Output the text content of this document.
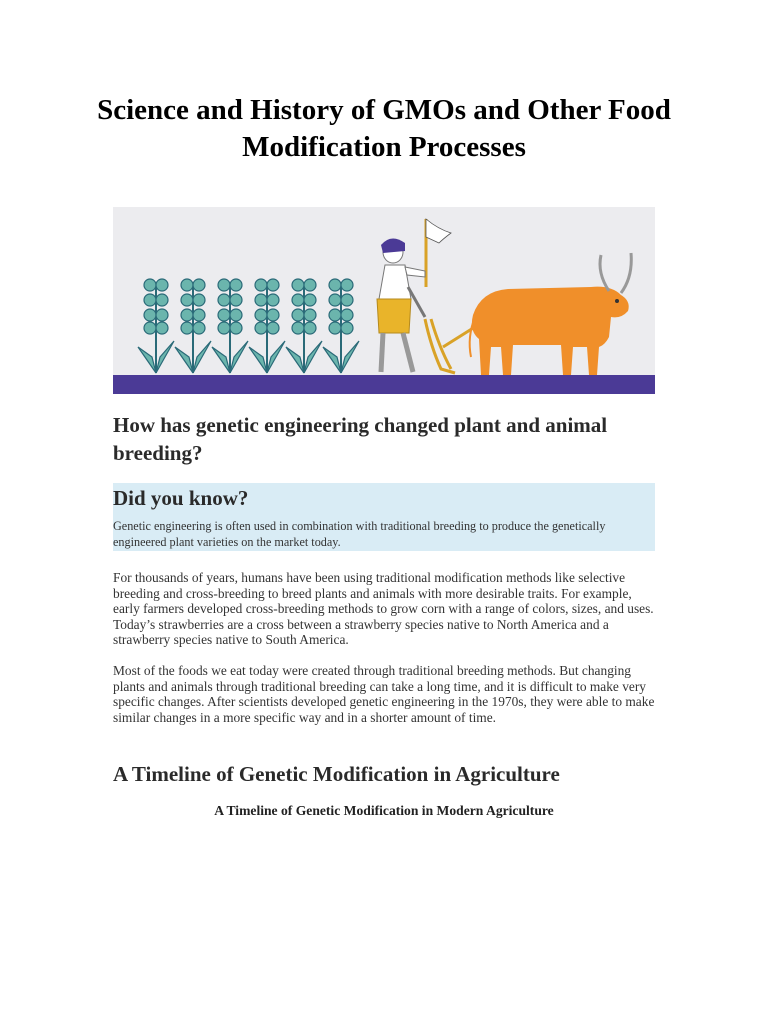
Science and History of GMOs and Other Food Modification Processes
How has genetic engineering changed plant and animal breeding?
Did you know?

Genetic engineering is often used in combination with traditional breeding to produce the genetically engineered plant varieties on the market today.

For thousands of years, humans have been using traditional modification methods like selective breeding and cross-breeding to breed plants and animals with more desirable traits. For example, early farmers developed cross-breeding methods to grow corn with a range of colors, sizes, and uses. Today’s strawberries are a cross between a strawberry species native to North America and a strawberry species native to South America.

Most of the foods we eat today were created through traditional breeding methods. But changing plants and animals through traditional breeding can take a long time, and it is difficult to make very specific changes. After scientists developed genetic engineering in the 1970s, they were able to make similar changes in a more specific way and in a shorter amount of time.

A Timeline of Genetic Modification in Agriculture

A Timeline of Genetic Modification in Modern Agriculture
